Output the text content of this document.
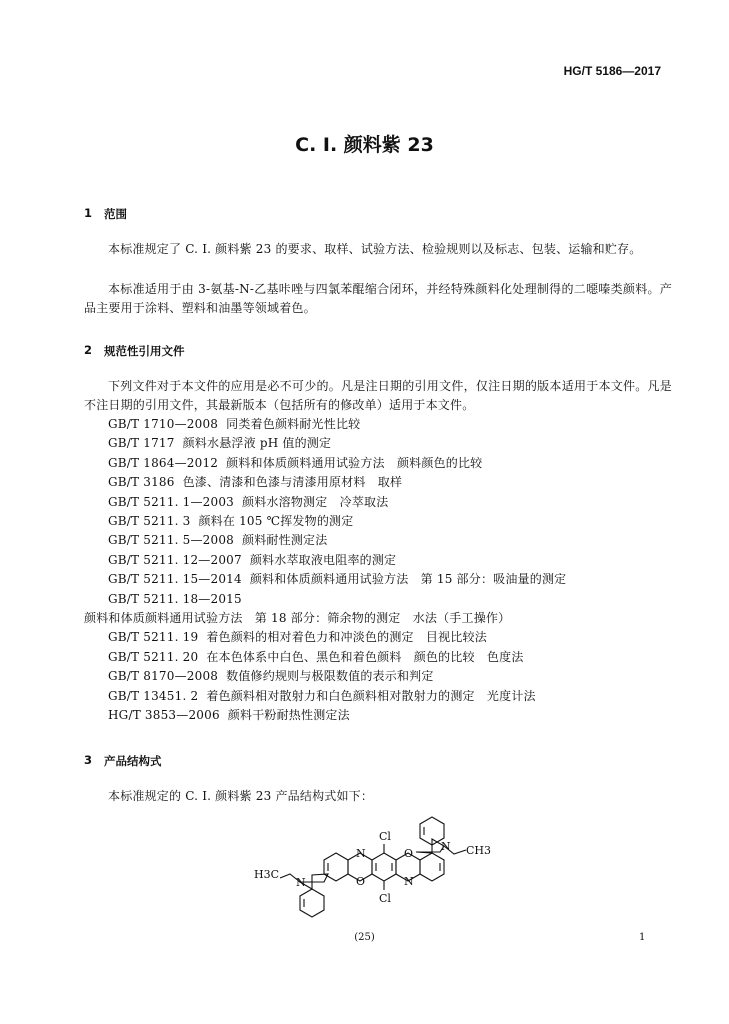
HG/T 5186—2017
C. I. 颜料紫 23
1	范围

本标准规定了 C. I. 颜料紫 23 的要求、取样、试验方法、检验规则以及标志、包装、运输和贮存。

本标准适用于由 3-氨基-N-乙基咔唑与四氯苯醌缩合闭环，并经特殊颜料化处理制得的二噁嗪类颜料。产品主要用于涂料、塑料和油墨等领域着色。

2	规范性引用文件

下列文件对于本文件的应用是必不可少的。凡是注日期的引用文件，仅注日期的版本适用于本文件。凡是不注日期的引用文件，其最新版本（包括所有的修改单）适用于本文件。

GB/T 1710—2008 同类着色颜料耐光性比较
GB/T 1717 颜料水悬浮液 pH 值的测定
GB/T 1864—2012 颜料和体质颜料通用试验方法　颜料颜色的比较
GB/T 3186 色漆、清漆和色漆与清漆用原材料　取样
GB/T 5211. 1—2003 颜料水溶物测定　冷萃取法
GB/T 5211. 3 颜料在 105 ℃挥发物的测定
GB/T 5211. 5—2008 颜料耐性测定法
GB/T 5211. 12—2007 颜料水萃取液电阻率的测定
GB/T 5211. 15—2014 颜料和体质颜料通用试验方法　第 15 部分：吸油量的测定
GB/T 5211. 18—2015颜料和体质颜料通用试验方法　第 18 部分：筛余物的测定　水法（手工操作）
GB/T 5211. 19 着色颜料的相对着色力和冲淡色的测定　目视比较法
GB/T 5211. 20 在本色体系中白色、黑色和着色颜料　颜色的比较　色度法
GB/T 8170—2008 数值修约规则与极限数值的表示和判定
GB/T 13451. 2 着色颜料相对散射力和白色颜料相对散射力的测定　光度计法
HG/T 3853—2006 颜料干粉耐热性测定法
3	产品结构式

本标准规定的 C. I. 颜料紫 23 产品结构式如下：

Cl
Cl
N
N
O
O
N
N
H3C
CH3
(25)	1
